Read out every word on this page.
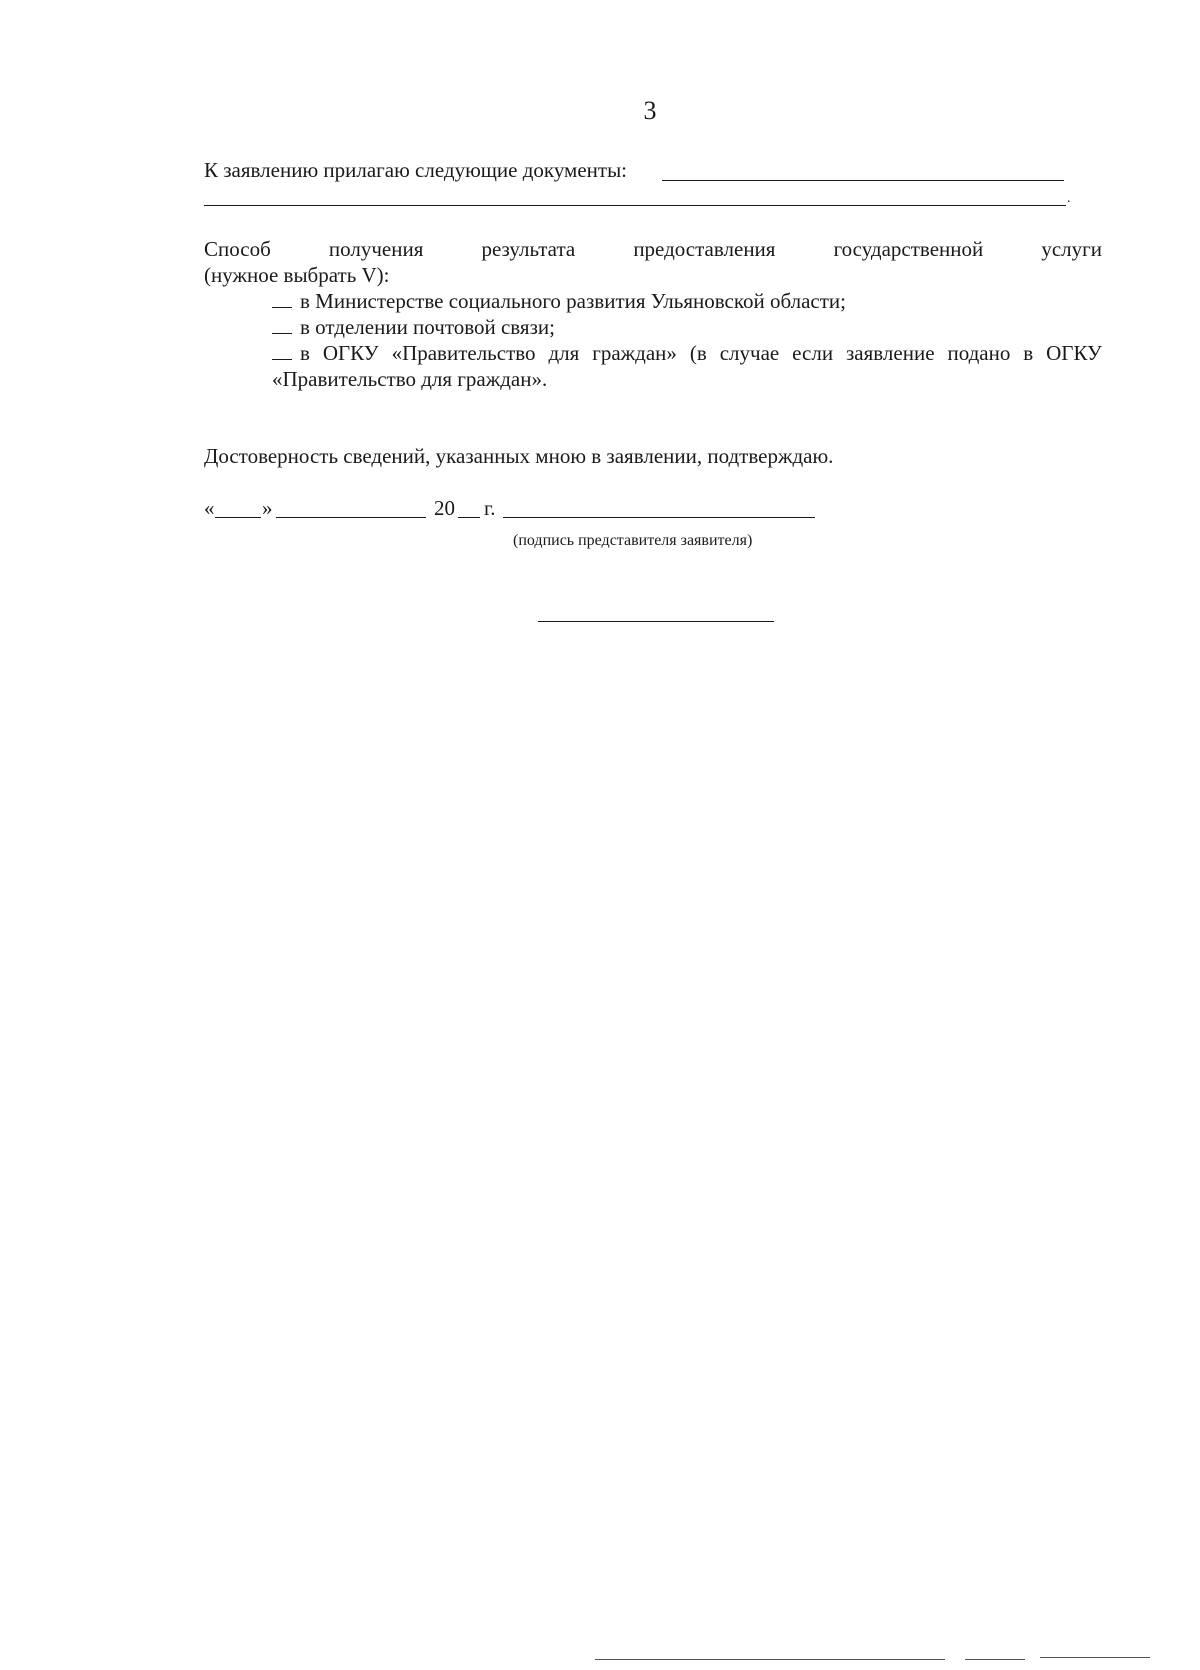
3
К заявлению прилагаю следующие документы:
.
Способ	получения	результата	предоставления	государственной	услуги
(нужное выбрать V):
в Министерстве социального развития Ульяновской области;
в отделении почтовой связи;
в ОГКУ «Правительство для граждан» (в случае если заявление подано в ОГКУ
«Правительство для граждан».
Достоверность сведений, указанных мною в заявлении, подтверждаю.
« »	20 г.
(подпись представителя заявителя)
